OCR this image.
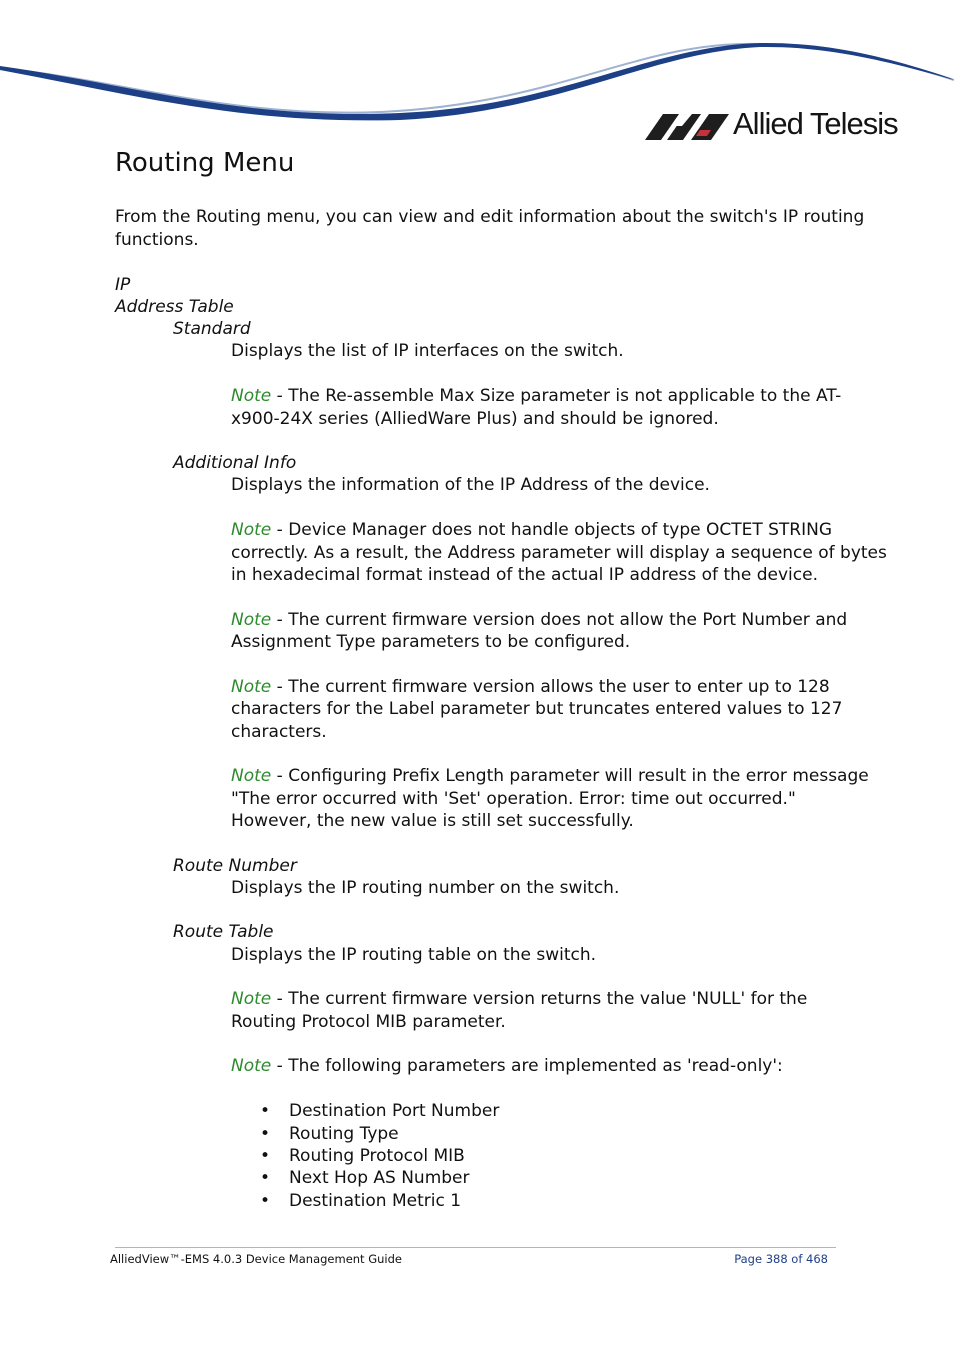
Allied Telesis
Routing Menu
From the Routing menu, you can view and edit information about the switch's IP routing
functions.
IP
Address Table
Standard
Displays the list of IP interfaces on the switch.
Note - The Re-assemble Max Size parameter is not applicable to the AT-
x900-24X series (AlliedWare Plus) and should be ignored.
Additional Info
Displays the information of the IP Address of the device.
Note - Device Manager does not handle objects of type OCTET STRING
correctly. As a result, the Address parameter will display a sequence of bytes
in hexadecimal format instead of the actual IP address of the device.
Note - The current firmware version does not allow the Port Number and
Assignment Type parameters to be configured.
Note - The current firmware version allows the user to enter up to 128
characters for the Label parameter but truncates entered values to 127
characters.
Note - Configuring Prefix Length parameter will result in the error message
"The error occurred with 'Set' operation. Error: time out occurred."
However, the new value is still set successfully.
Route Number
Displays the IP routing number on the switch.
Route Table
Displays the IP routing table on the switch.
Note - The current firmware version returns the value 'NULL' for the
Routing Protocol MIB parameter.
Note - The following parameters are implemented as 'read-only':
• Destination Port Number
• Routing Type
• Routing Protocol MIB
• Next Hop AS Number
• Destination Metric 1
AlliedView™-EMS 4.0.3 Device Management Guide	Page 388 of 468
